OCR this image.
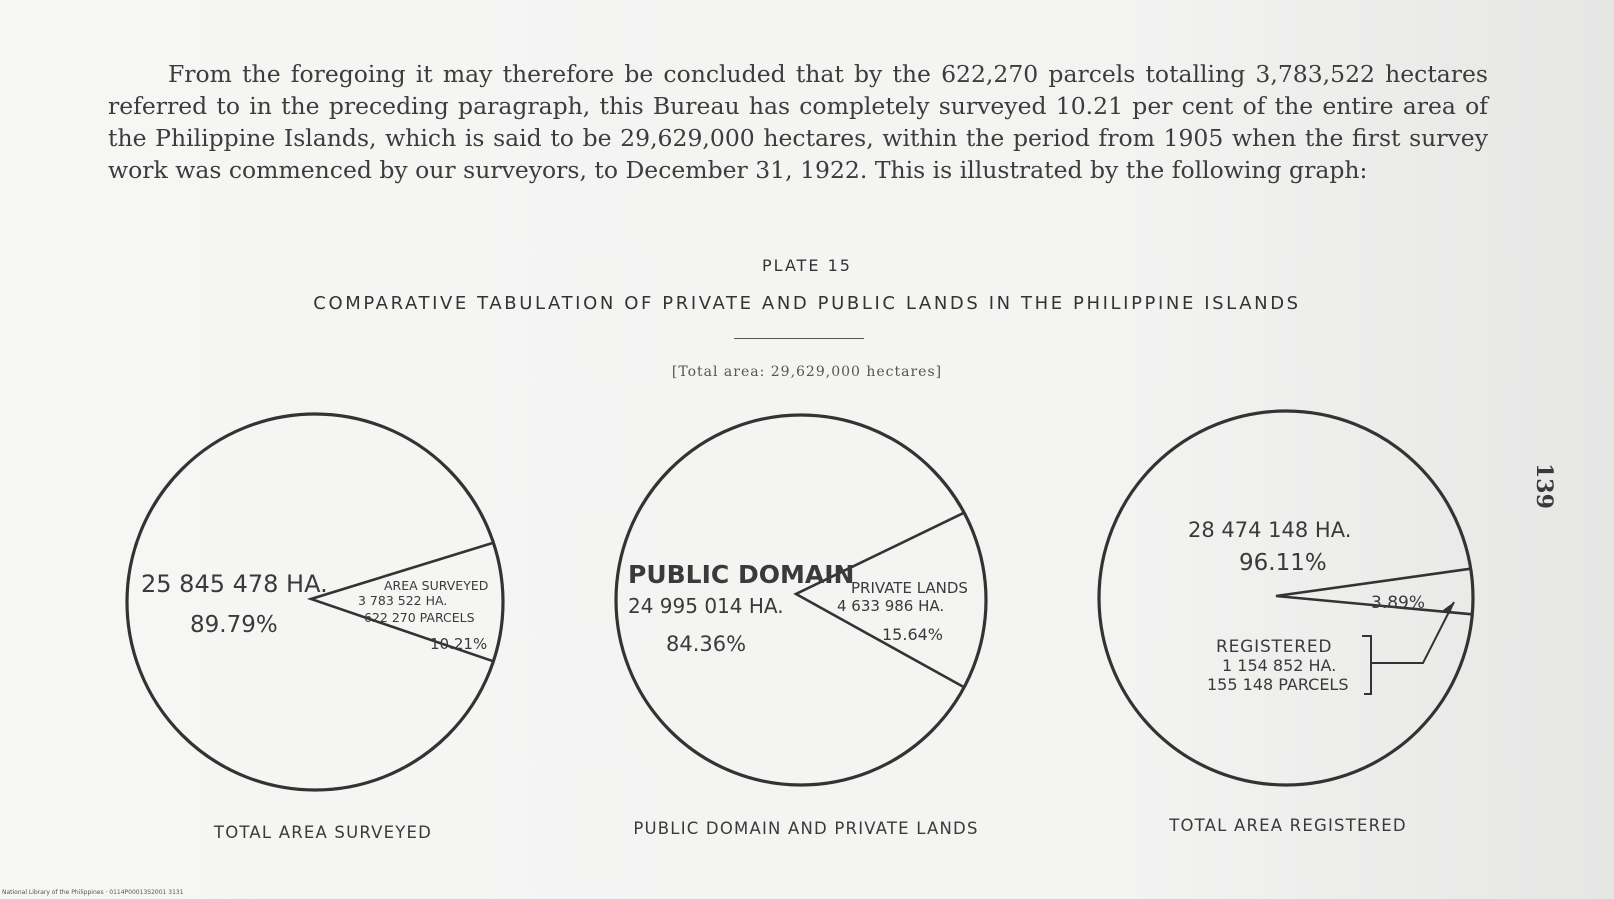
From the foregoing it may therefore be concluded that by the 622,270 parcels totalling 3,783,522 hectares referred to in the preceding paragraph, this Bureau has completely surveyed 10.21 per cent of the entire area of the Philippine Islands, which is said to be 29,629,000 hectares, within the period from 1905 when the first survey work was commenced by our surveyors, to December 31, 1922. This is illustrated by the following graph:

PLATE 15
COMPARATIVE TABULATION OF PRIVATE AND PUBLIC LANDS IN THE PHILIPPINE ISLANDS
[Total area: 29,629,000 hectares]
25 845 478 HA.
89.79%
AREA SURVEYED
3 783 522 HA.
622 270 PARCELS
10.21%
TOTAL AREA SURVEYED
PUBLIC DOMAIN
24 995 014 HA.
84.36%
PRIVATE LANDS
4 633 986 HA.
15.64%
PUBLIC DOMAIN AND PRIVATE LANDS
28 474 148 HA.
96.11%
3.89%
REGISTERED
1 154 852 HA.
155 148 PARCELS
TOTAL AREA REGISTERED
139
National Library of the Philippines · 0114P00013S2001 3131
